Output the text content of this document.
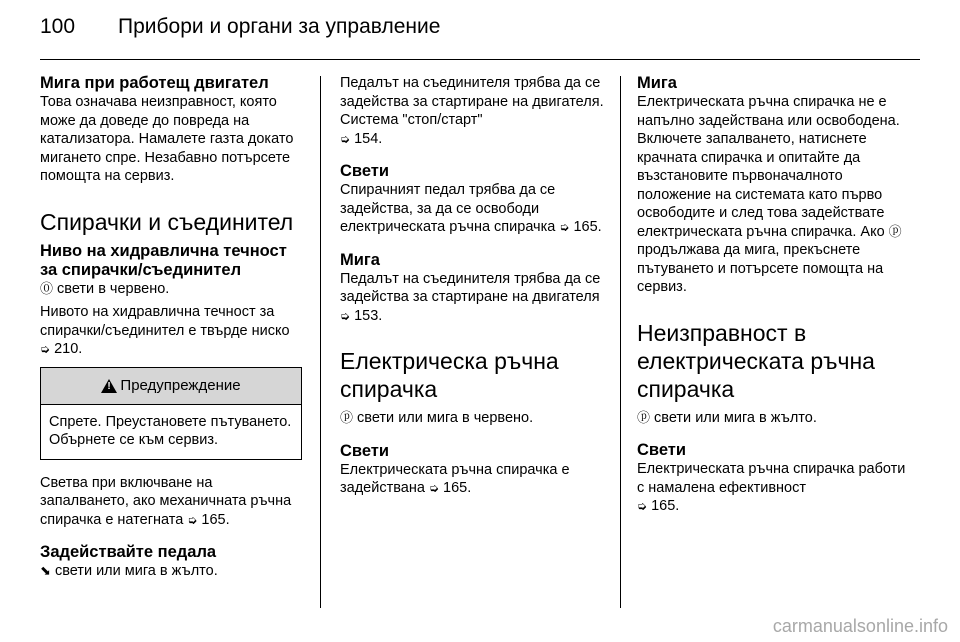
100 Прибори и органи за управление

Мига при работещ двигател

Това означава неизправност, която може да доведе до повреда на катализатора. Намалете газта докато мигането спре. Незабавно потърсете помощта на сервиз.

Спирачки и съединител

Ниво на хидравлична течност за спирачки/съединител

⓪ свети в червено.

Нивото на хидравлична течност за спирачки/съединител е твърде ниско ➭ 210.

!
Предупреждение
Спрете. Преустановете пътуването. Обърнете се към сервиз.

Светва при включване на запалването, ако механичната ръчна спирачка е натегната ➭ 165.

Задействайте педала

⬊ свети или мига в жълто.

Педалът на съединителя трябва да се задейства за стартиране на двигателя. Система "стоп/старт"

➭ 154.

Свети

Спирачният педал трябва да се задейства, за да се освободи електрическата ръчна спирачка ➭ 165.

Мига

Педалът на съединителя трябва да се задейства за стартиране на двигателя ➭ 153.

Електрическа ръчна спирачка

ⓟ свети или мига в червено.

Свети

Електрическата ръчна спирачка е задействана ➭ 165.

Мига

Електрическата ръчна спирачка не е напълно задействана или освободена. Включете запалването, натиснете крачната спирачка и опитайте да възстановите първоначалното положение на системата като първо освободите и след това задействате електрическата ръчна спирачка. Ако ⓟ продължава да мига, прекъснете пътуването и потърсете помощта на сервиз.

Неизправност в електрическата ръчна спирачка

ⓟ свети или мига в жълто.

Свети

Електрическата ръчна спирачка работи с намалена ефективност

➭ 165.

carmanualsonline.info
